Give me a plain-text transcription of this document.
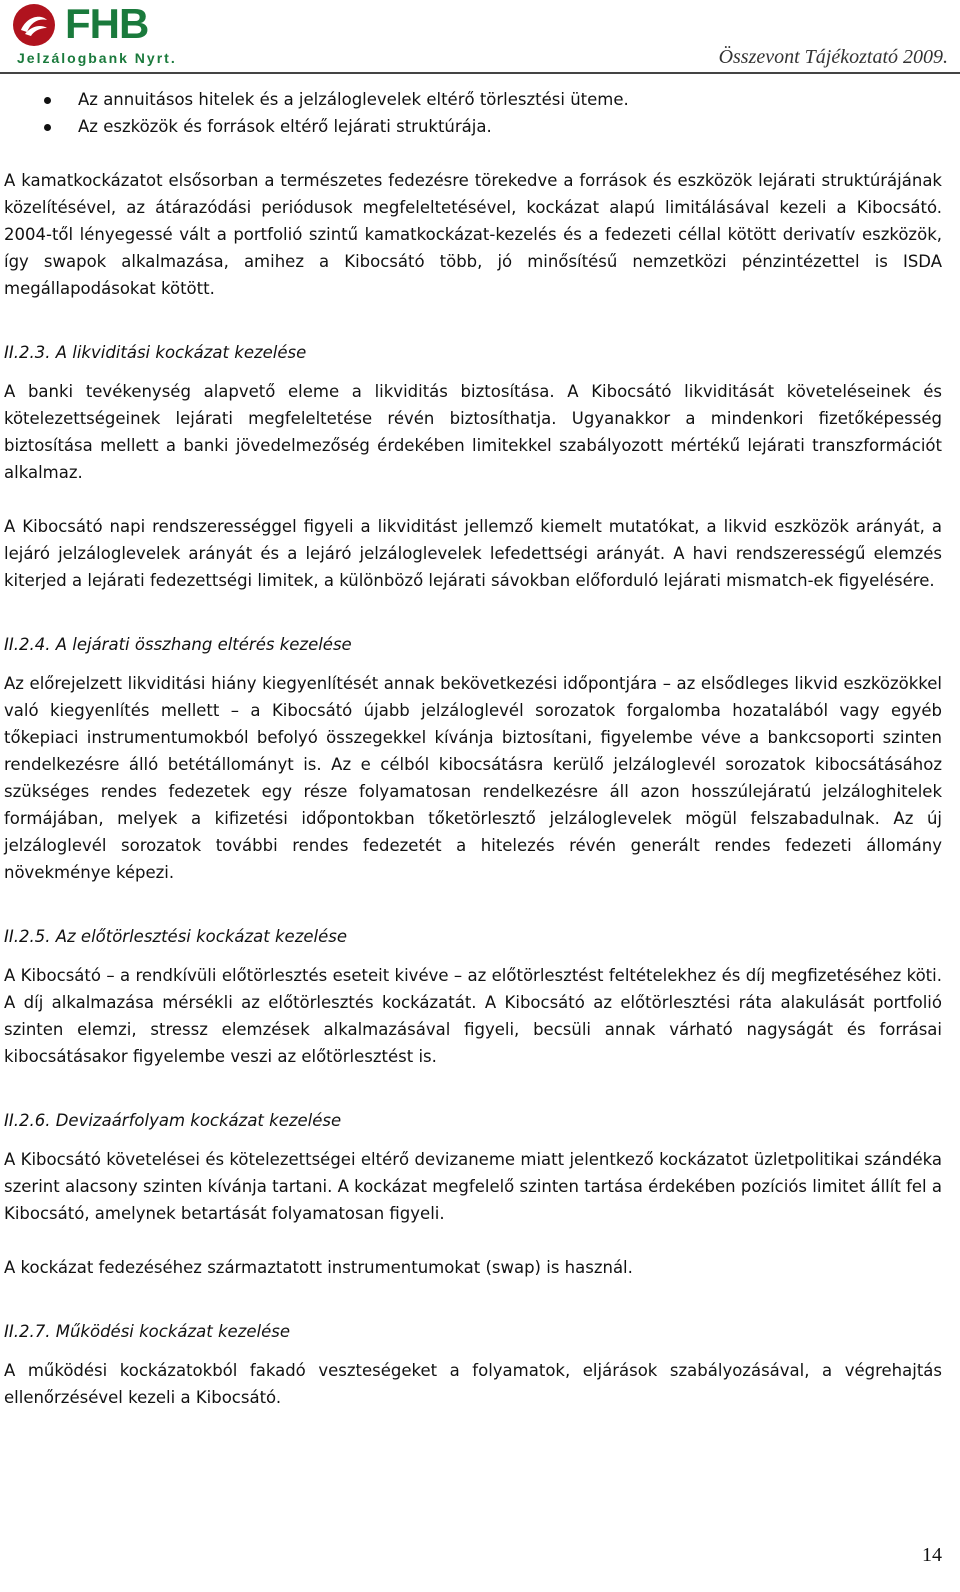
FHB
Jelzálogbank Nyrt.	Összevont Tájékoztató 2009.
Az annuitásos hitelek és a jelzáloglevelek eltérő törlesztési üteme.
Az eszközök és források eltérő lejárati struktúrája.

A kamatkockázatot elsősorban a természetes fedezésre törekedve a források és eszközök lejárati struktúrájának közelítésével, az átárazódási periódusok megfeleltetésével, kockázat alapú limitálásával kezeli a Kibocsátó. 2004-től lényegessé vált a portfolió szintű kamatkockázat-kezelés és a fedezeti céllal kötött derivatív eszközök, így swapok alkalmazása, amihez a Kibocsátó több, jó minősítésű nemzetközi pénzintézettel is ISDA megállapodásokat kötött.

II.2.3. A likviditási kockázat kezelése

A banki tevékenység alapvető eleme a likviditás biztosítása. A Kibocsátó likviditását követeléseinek és kötelezettségeinek lejárati megfeleltetése révén biztosíthatja. Ugyanakkor a mindenkori fizetőképesség biztosítása mellett a banki jövedelmezőség érdekében limitekkel szabályozott mértékű lejárati transzformációt alkalmaz.

A Kibocsátó napi rendszerességgel figyeli a likviditást jellemző kiemelt mutatókat, a likvid eszközök arányát, a lejáró jelzáloglevelek arányát és a lejáró jelzáloglevelek lefedettségi arányát. A havi rendszerességű elemzés kiterjed a lejárati fedezettségi limitek, a különböző lejárati sávokban előforduló lejárati mismatch-ek figyelésére.

II.2.4. A lejárati összhang eltérés kezelése

Az előrejelzett likviditási hiány kiegyenlítését annak bekövetkezési időpontjára – az elsődleges likvid eszközökkel való kiegyenlítés mellett – a Kibocsátó újabb jelzáloglevél sorozatok forgalomba hozatalából vagy egyéb tőkepiaci instrumentumokból befolyó összegekkel kívánja biztosítani, figyelembe véve a bankcsoporti szinten rendelkezésre álló betétállományt is. Az e célból kibocsátásra kerülő jelzáloglevél sorozatok kibocsátásához szükséges rendes fedezetek egy része folyamatosan rendelkezésre áll azon hosszúlejáratú jelzáloghitelek formájában, melyek a kifizetési időpontokban tőketörlesztő jelzáloglevelek mögül felszabadulnak. Az új jelzáloglevél sorozatok további rendes fedezetét a hitelezés révén generált rendes fedezeti állomány növekménye képezi.

II.2.5. Az előtörlesztési kockázat kezelése

A Kibocsátó – a rendkívüli előtörlesztés eseteit kivéve – az előtörlesztést feltételekhez és díj megfizetéséhez köti. A díj alkalmazása mérsékli az előtörlesztés kockázatát. A Kibocsátó az előtörlesztési ráta alakulását portfolió szinten elemzi, stressz elemzések alkalmazásával figyeli, becsüli annak várható nagyságát és forrásai kibocsátásakor figyelembe veszi az előtörlesztést is.

II.2.6. Devizaárfolyam kockázat kezelése

A Kibocsátó követelései és kötelezettségei eltérő devizaneme miatt jelentkező kockázatot üzletpolitikai szándéka szerint alacsony szinten kívánja tartani. A kockázat megfelelő szinten tartása érdekében pozíciós limitet állít fel a Kibocsátó, amelynek betartását folyamatosan figyeli.

A kockázat fedezéséhez származtatott instrumentumokat (swap) is használ.

II.2.7. Működési kockázat kezelése

A működési kockázatokból fakadó veszteségeket a folyamatok, eljárások szabályozásával, a végrehajtás ellenőrzésével kezeli a Kibocsátó.

14
